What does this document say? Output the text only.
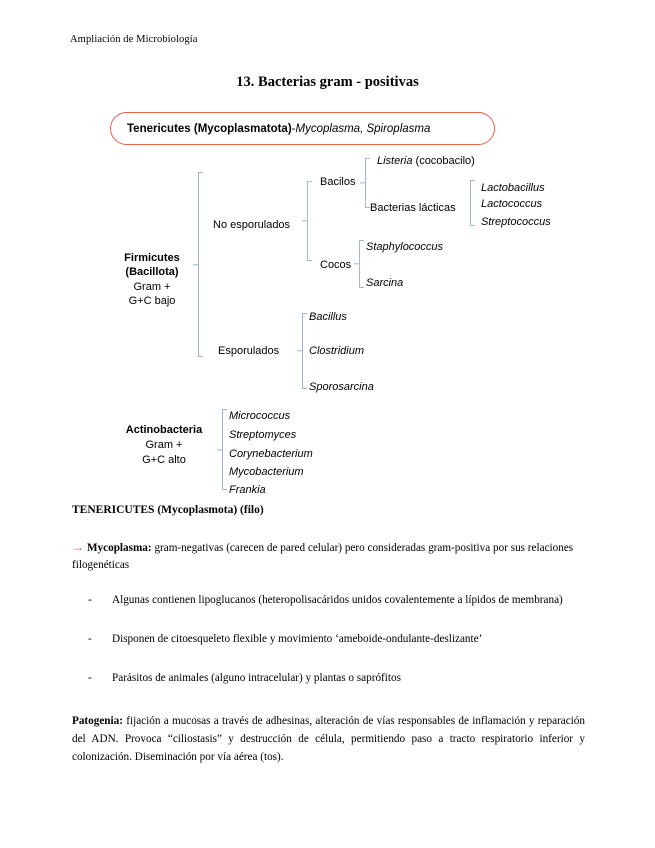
Ampliación de Microbiología
13. Bacterias gram - positivas
Tenericutes (Mycoplasmatota) - Mycoplasma, Spiroplasma
Firmicutes
(Bacillota)
Gram +
G+C bajo
No esporulados
Bacilos
Listeria (cocobacilo)
Bacterias lácticas
Lactobacillus
Lactococcus
Streptococcus
Cocos
Staphylococcus
Sarcina
Esporulados
Bacillus
Clostridium
Sporosarcina
Actinobacteria
Gram +
G+C alto
Micrococcus
Streptomyces
Corynebacterium
Mycobacterium
Frankia
TENERICUTES (Mycoplasmota) (filo)
→ Mycoplasma: gram-negativas (carecen de pared celular) pero consideradas gram-positiva por sus relaciones filogenéticas
-	Algunas contienen lipoglucanos (heteropolisacáridos unidos covalentemente a lípidos de membrana)
-	Disponen de citoesqueleto flexible y movimiento ‘ameboide-ondulante-deslizante’
-	Parásitos de animales (alguno intracelular) y plantas o saprófitos
Patogenia: fijación a mucosas a través de adhesinas, alteración de vías responsables de inflamación y reparación del ADN. Provoca “ciliostasis” y destrucción de célula, permitiendo paso a tracto respiratorio inferior y colonización. Diseminación por vía aérea (tos).
